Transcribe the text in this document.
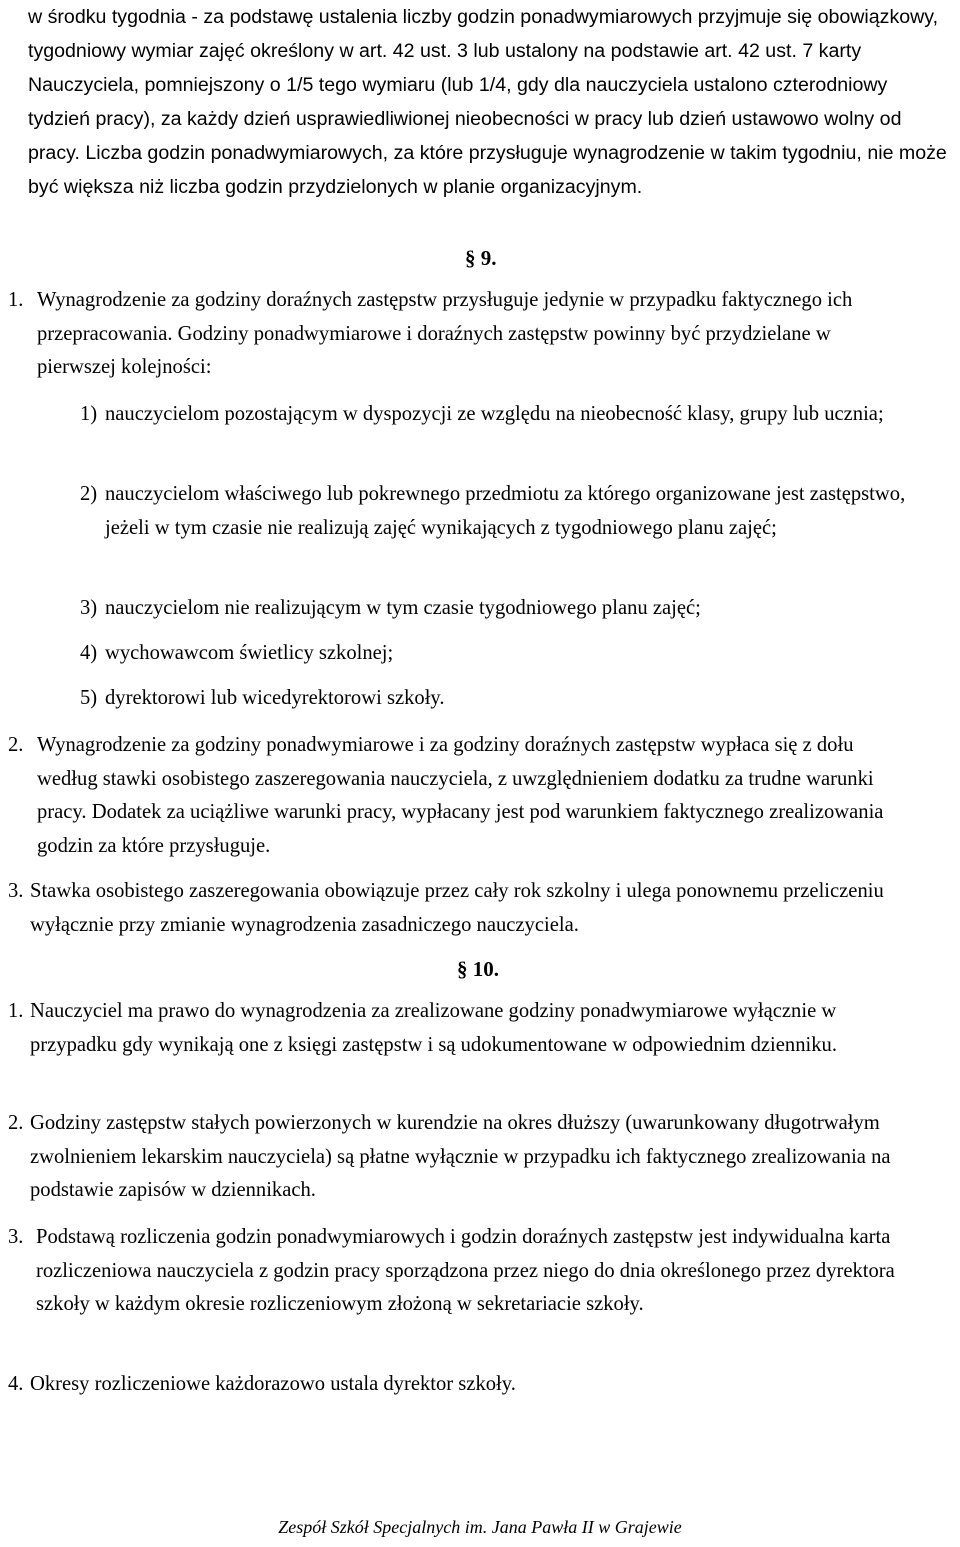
w środku tygodnia - za podstawę ustalenia liczby godzin ponadwymiarowych przyjmuje się obowiązkowy, tygodniowy wymiar zajęć określony w art. 42 ust. 3 lub ustalony na podstawie art. 42 ust. 7 karty Nauczyciela, pomniejszony o 1/5 tego wymiaru (lub 1/4, gdy dla nauczyciela ustalono czterodniowy tydzień pracy), za każdy dzień usprawiedliwionej nieobecności w pracy lub dzień ustawowo wolny od pracy. Liczba godzin ponadwymiarowych, za które przysługuje wynagrodzenie w takim tygodniu, nie może być większa niż liczba godzin przydzielonych w planie organizacyjnym.

§ 9.

1. Wynagrodzenie za godziny doraźnych zastępstw przysługuje jedynie w przypadku faktycznego ich przepracowania. Godziny ponadwymiarowe i doraźnych zastępstw powinny być przydzielane w pierwszej kolejności:
1) nauczycielom pozostającym w dyspozycji ze względu na nieobecność klasy, grupy lub ucznia;
2) nauczycielom właściwego lub pokrewnego przedmiotu za którego organizowane jest zastępstwo, jeżeli w tym czasie nie realizują zajęć wynikających z tygodniowego planu zajęć;
3) nauczycielom nie realizującym w tym czasie tygodniowego planu zajęć;
4) wychowawcom świetlicy szkolnej;
5) dyrektorowi lub wicedyrektorowi szkoły.
2. Wynagrodzenie za godziny ponadwymiarowe i za godziny doraźnych zastępstw wypłaca się z dołu według stawki osobistego zaszeregowania nauczyciela, z uwzględnieniem dodatku za trudne warunki pracy. Dodatek za uciążliwe warunki pracy, wypłacany jest pod warunkiem faktycznego zrealizowania godzin za które przysługuje.
3. Stawka osobistego zaszeregowania obowiązuje przez cały rok szkolny i ulega ponownemu przeliczeniu wyłącznie przy zmianie wynagrodzenia zasadniczego nauczyciela.

§ 10.

1. Nauczyciel ma prawo do wynagrodzenia za zrealizowane godziny ponadwymiarowe wyłącznie w przypadku gdy wynikają one z księgi zastępstw i są udokumentowane w odpowiednim dzienniku.
2. Godziny zastępstw stałych powierzonych w kurendzie na okres dłuższy (uwarunkowany długotrwałym zwolnieniem lekarskim nauczyciela) są płatne wyłącznie w przypadku ich faktycznego zrealizowania na podstawie zapisów w dziennikach.
3. Podstawą rozliczenia godzin ponadwymiarowych i godzin doraźnych zastępstw jest indywidualna karta rozliczeniowa nauczyciela z godzin pracy sporządzona przez niego do dnia określonego przez dyrektora szkoły w każdym okresie rozliczeniowym złożoną w sekretariacie szkoły.
4. Okresy rozliczeniowe każdorazowo ustala dyrektor szkoły.

Zespół Szkół Specjalnych im. Jana Pawła II w Grajewie
